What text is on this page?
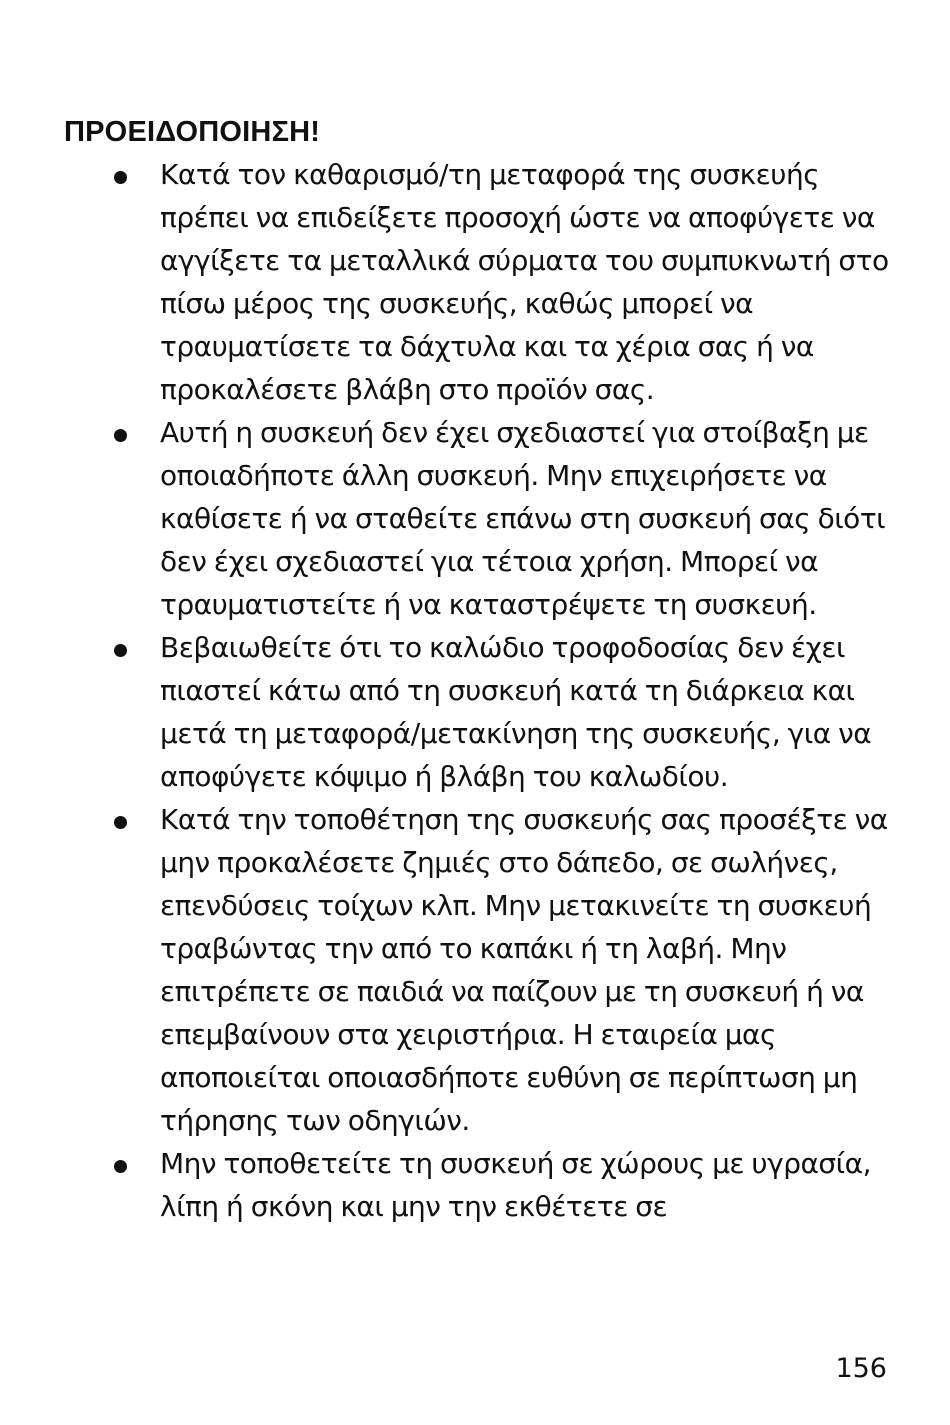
ΠΡΟΕΙΔΟΠΟΙΗΣΗ!

Κατά τον καθαρισμό/τη μεταφορά της συσκευής πρέπει να επιδείξετε προσοχή ώστε να αποφύγετε να αγγίξετε τα μεταλλικά σύρματα του συμπυκνωτή στο πίσω μέρος της συσκευής, καθώς μπορεί να τραυματίσετε τα δάχτυλα και τα χέρια σας ή να προκαλέσετε βλάβη στο προϊόν σας.

Αυτή η συσκευή δεν έχει σχεδιαστεί για στοίβαξη με οποιαδήποτε άλλη συσκευή. Μην επιχειρήσετε να καθίσετε ή να σταθείτε επάνω στη συσκευή σας διότι δεν έχει σχεδιαστεί για τέτοια χρήση. Μπορεί να τραυματιστείτε ή να καταστρέψετε τη συσκευή.

Βεβαιωθείτε ότι το καλώδιο τροφοδοσίας δεν έχει πιαστεί κάτω από τη συσκευή κατά τη διάρκεια και μετά τη μεταφορά/μετακίνηση της συσκευής, για να αποφύγετε κόψιμο ή βλάβη του καλωδίου.

Κατά την τοποθέτηση της συσκευής σας προσέξτε να μην προκαλέσετε ζημιές στο δάπεδο, σε σωλήνες, επενδύσεις τοίχων κλπ. Μην μετακινείτε τη συσκευή τραβώντας την από το καπάκι ή τη λαβή. Μην επιτρέπετε σε παιδιά να παίζουν με τη συσκευή ή να επεμβαίνουν στα χειριστήρια. Η εταιρεία μας αποποιείται οποιασδήποτε ευθύνη σε περίπτωση μη τήρησης των οδηγιών.

Μην τοποθετείτε τη συσκευή σε χώρους με υγρασία, λίπη ή σκόνη και μην την εκθέτετε σε

156
